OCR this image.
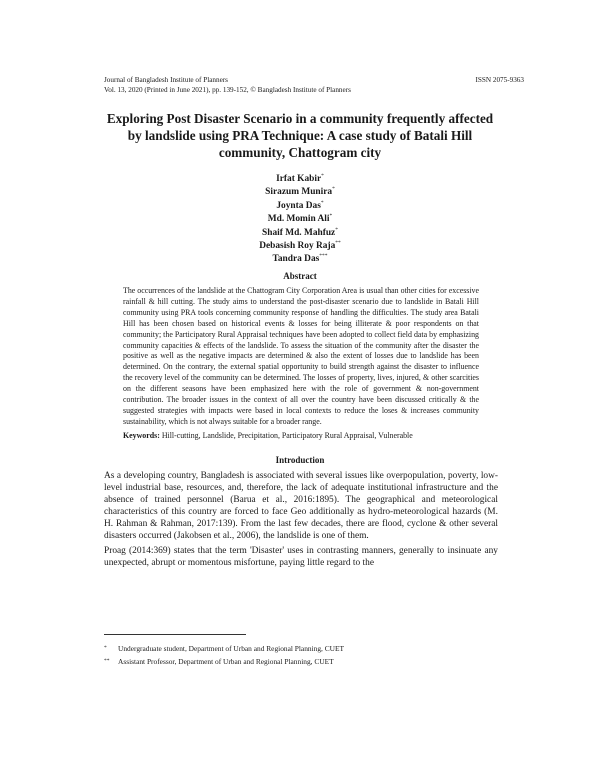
Journal of Bangladesh Institute of Planners	ISSN 2075-9363
Vol. 13, 2020 (Printed in June 2021), pp. 139-152, © Bangladesh Institute of Planners
Exploring Post Disaster Scenario in a community frequently affected by landslide using PRA Technique: A case study of Batali Hill community, Chattogram city
Irfat Kabir*
Sirazum Munira*
Joynta Das*
Md. Momin Ali*
Shaif Md. Mahfuz*
Debasish Roy Raja**
Tandra Das***
Abstract
The occurrences of the landslide at the Chattogram City Corporation Area is usual than other cities for excessive rainfall & hill cutting. The study aims to understand the post-disaster scenario due to landslide in Batali Hill community using PRA tools concerning community response of handling the difficulties. The study area Batali Hill has been chosen based on historical events & losses for being illiterate & poor respondents on that community; the Participatory Rural Appraisal techniques have been adopted to collect field data by emphasizing community capacities & effects of the landslide. To assess the situation of the community after the disaster the positive as well as the negative impacts are determined & also the extent of losses due to landslide has been determined. On the contrary, the external spatial opportunity to build strength against the disaster to influence the recovery level of the community can be determined. The losses of property, lives, injured, & other scarcities on the different seasons have been emphasized here with the role of government & non-government contribution. The broader issues in the context of all over the country have been discussed critically & the suggested strategies with impacts were based in local contexts to reduce the loses & increases community sustainability, which is not always suitable for a broader range.
Keywords: Hill-cutting, Landslide, Precipitation, Participatory Rural Appraisal, Vulnerable
Introduction

As a developing country, Bangladesh is associated with several issues like overpopulation, poverty, low-level industrial base, resources, and, therefore, the lack of adequate institutional infrastructure and the absence of trained personnel (Barua et al., 2016:1895). The geographical and meteorological characteristics of this country are forced to face Geo additionally as hydro-meteorological hazards (M. H. Rahman & Rahman, 2017:139). From the last few decades, there are flood, cyclone & other several disasters occurred (Jakobsen et al., 2006), the landslide is one of them.

Proag (2014:369) states that the term 'Disaster' uses in contrasting manners, generally to insinuate any unexpected, abrupt or momentous misfortune, paying little regard to the

*	Undergraduate student, Department of Urban and Regional Planning, CUET
**	Assistant Professor, Department of Urban and Regional Planning, CUET
